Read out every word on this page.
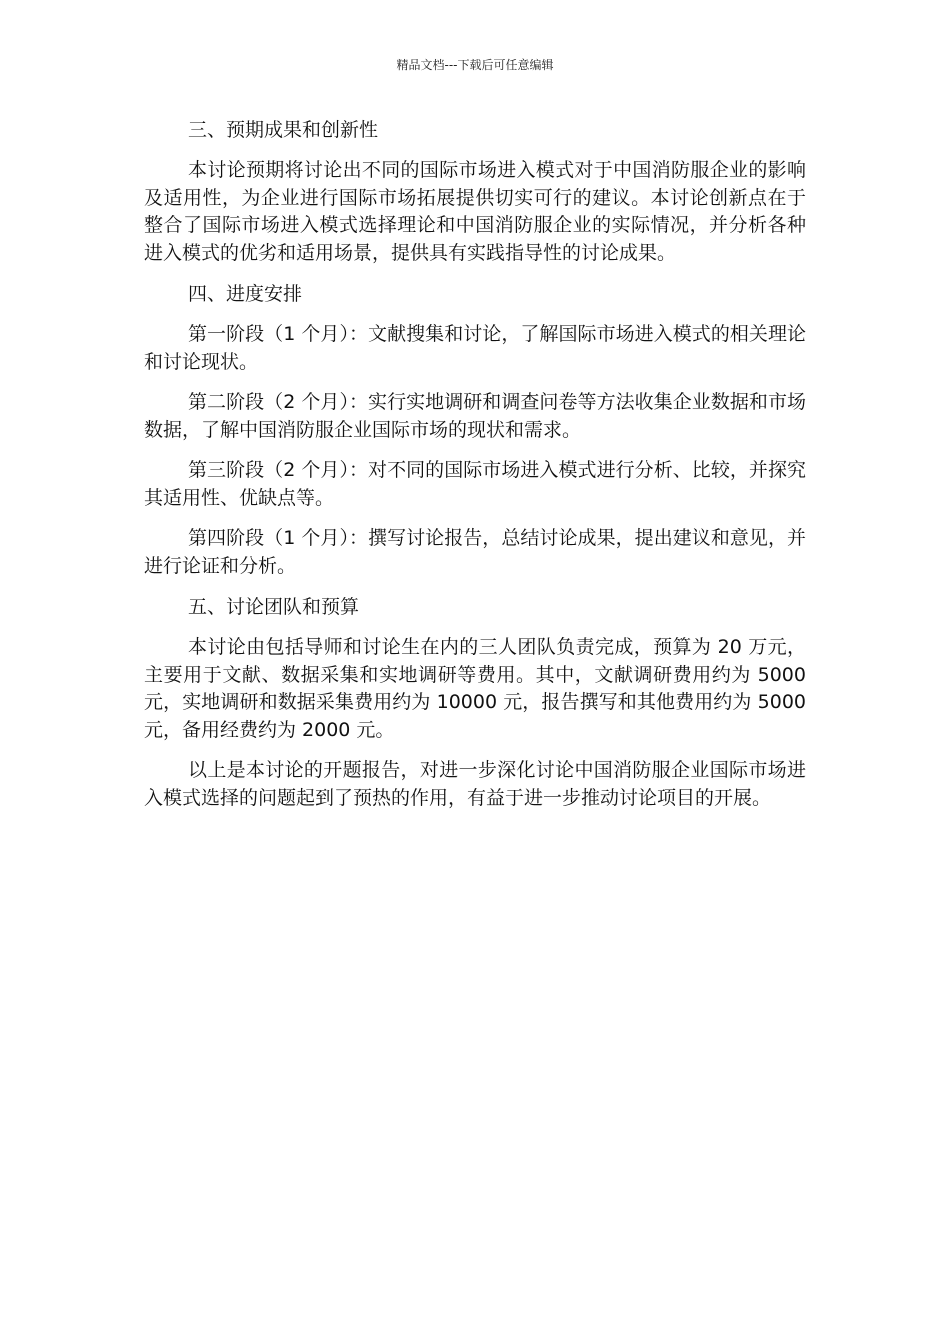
精品文档---下载后可任意编辑
三、预期成果和创新性
本讨论预期将讨论出不同的国际市场进入模式对于中国消防服企业的影响及适用性，为企业进行国际市场拓展提供切实可行的建议。本讨论创新点在于整合了国际市场进入模式选择理论和中国消防服企业的实际情况，并分析各种进入模式的优劣和适用场景，提供具有实践指导性的讨论成果。
四、进度安排
第一阶段（1 个月）：文献搜集和讨论，了解国际市场进入模式的相关理论和讨论现状。
第二阶段（2 个月）：实行实地调研和调查问卷等方法收集企业数据和市场数据，了解中国消防服企业国际市场的现状和需求。
第三阶段（2 个月）：对不同的国际市场进入模式进行分析、比较，并探究其适用性、优缺点等。
第四阶段（1 个月）：撰写讨论报告，总结讨论成果，提出建议和意见，并进行论证和分析。
五、讨论团队和预算
本讨论由包括导师和讨论生在内的三人团队负责完成，预算为 20 万元，主要用于文献、数据采集和实地调研等费用。其中，文献调研费用约为 5000 元，实地调研和数据采集费用约为 10000 元，报告撰写和其他费用约为 5000 元，备用经费约为 2000 元。
以上是本讨论的开题报告，对进一步深化讨论中国消防服企业国际市场进入模式选择的问题起到了预热的作用，有益于进一步推动讨论项目的开展。
